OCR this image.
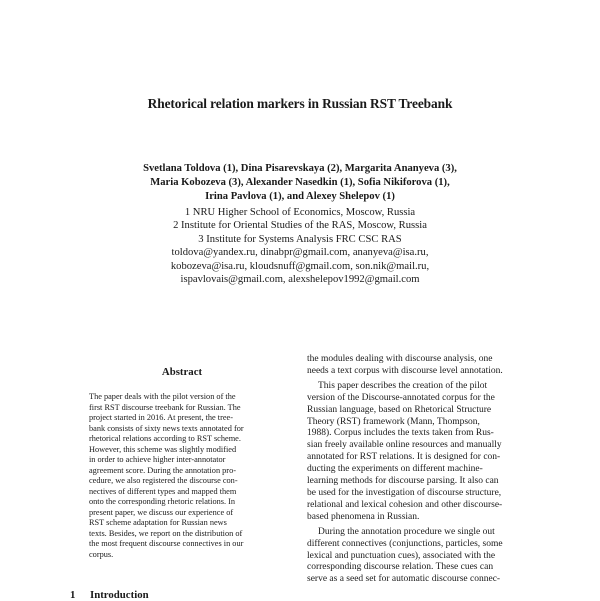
Rhetorical relation markers in Russian RST Treebank
Svetlana Toldova (1), Dina Pisarevskaya (2), Margarita Ananyeva (3),
Maria Kobozeva (3), Alexander Nasedkin (1), Sofia Nikiforova (1),
Irina Pavlova (1), and Alexey Shelepov (1)
1 NRU Higher School of Economics, Moscow, Russia
2 Institute for Oriental Studies of the RAS, Moscow, Russia
3 Institute for Systems Analysis FRC CSC RAS
toldova@yandex.ru, dinabpr@gmail.com, ananyeva@isa.ru,
kobozeva@isa.ru, kloudsnuff@gmail.com, son.nik@mail.ru,
ispavlovais@gmail.com, alexshelepov1992@gmail.com
Abstract
The paper deals with the pilot version of the
first RST discourse treebank for Russian. The
project started in 2016. At present, the tree-
bank consists of sixty news texts annotated for
rhetorical relations according to RST scheme.
However, this scheme was slightly modified
in order to achieve higher inter-annotator
agreement score. During the annotation pro-
cedure, we also registered the discourse con-
nectives of different types and mapped them
onto the corresponding rhetoric relations. In
present paper, we discuss our experience of
RST scheme adaptation for Russian news
texts. Besides, we report on the distribution of
the most frequent discourse connectives in our
corpus.
1 Introduction
the modules dealing with discourse analysis, one
needs a text corpus with discourse level annotation.
This paper describes the creation of the pilot
version of the Discourse-annotated corpus for the
Russian language, based on Rhetorical Structure
Theory (RST) framework (Mann, Thompson,
1988). Corpus includes the texts taken from Rus-
sian freely available online resources and manually
annotated for RST relations. It is designed for con-
ducting the experiments on different machine-
learning methods for discourse parsing. It also can
be used for the investigation of discourse structure,
relational and lexical cohesion and other discourse-
based phenomena in Russian.
During the annotation procedure we single out
different connectives (conjunctions, particles, some
lexical and punctuation cues), associated with the
corresponding discourse relation. These cues can
serve as a seed set for automatic discourse connec-
